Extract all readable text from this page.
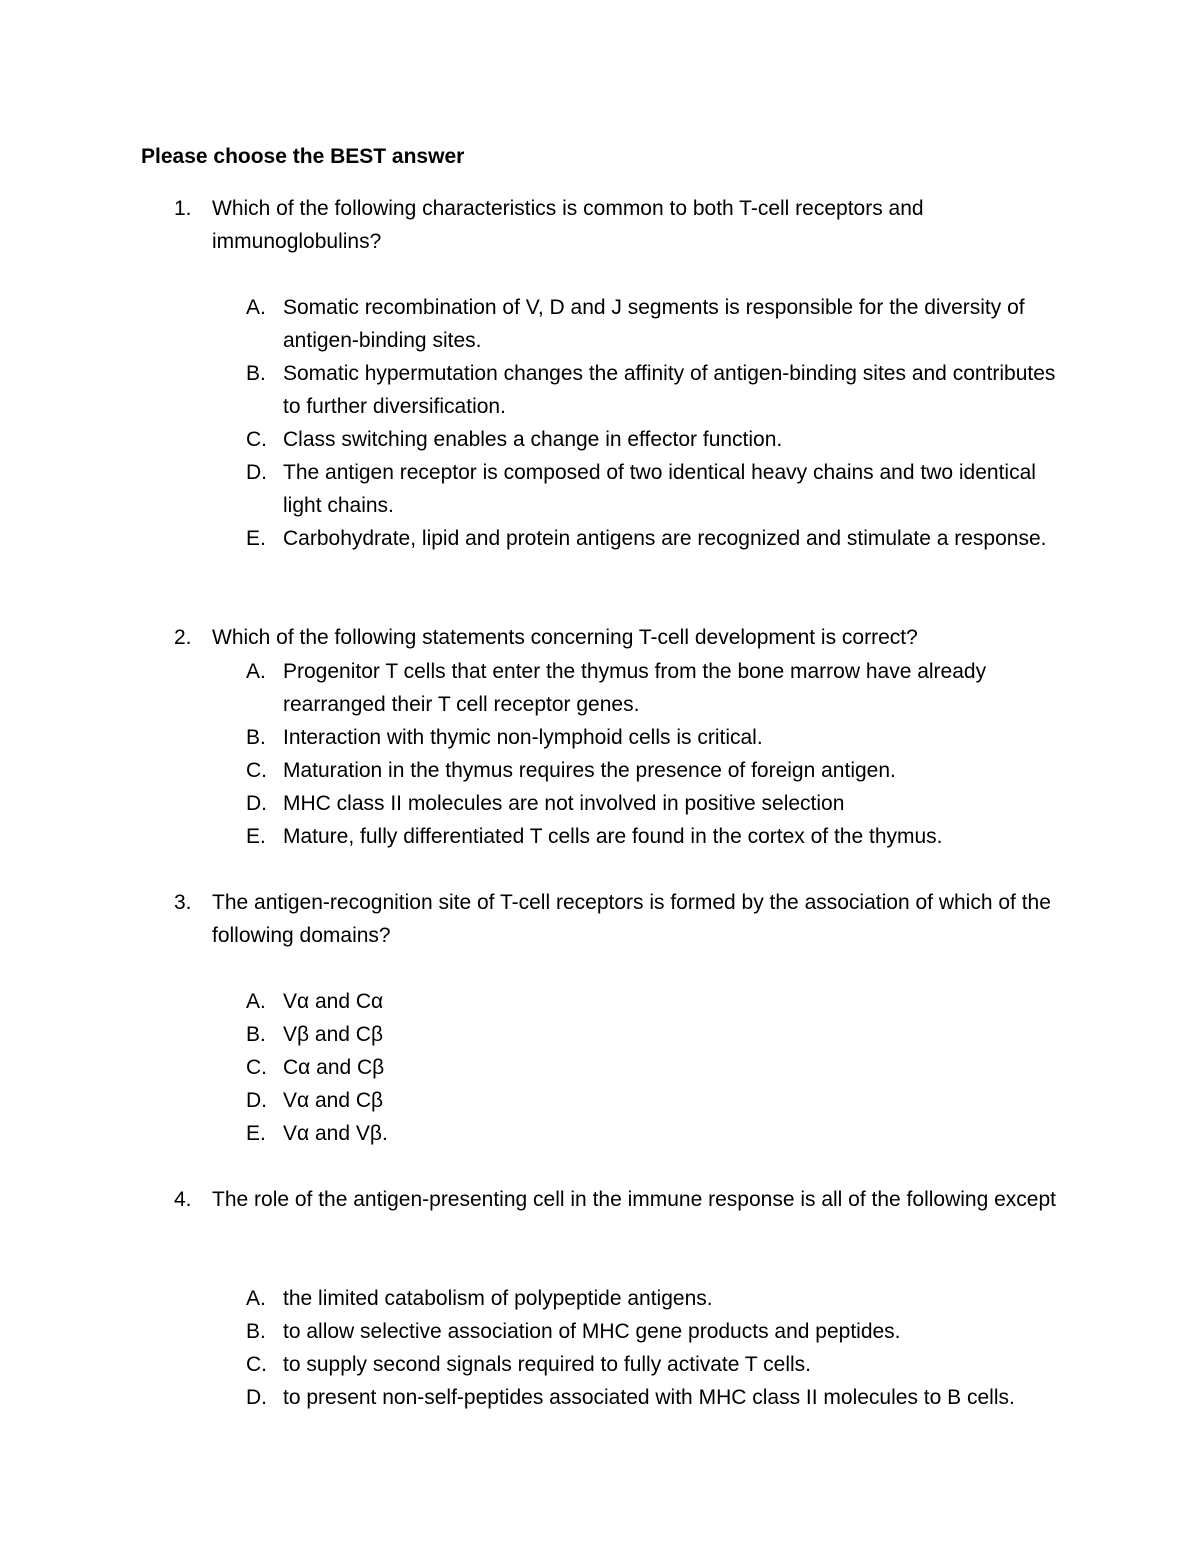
Please choose the BEST answer
1. Which of the following characteristics is common to both T-cell receptors and immunoglobulins?
A. Somatic recombination of V, D and J segments is responsible for the diversity of antigen-binding sites.
B. Somatic hypermutation changes the affinity of antigen-binding sites and contributes to further diversification.
C. Class switching enables a change in effector function.
D. The antigen receptor is composed of two identical heavy chains and two identical light chains.
E. Carbohydrate, lipid and protein antigens are recognized and stimulate a response.
2. Which of the following statements concerning T-cell development is correct?
A. Progenitor T cells that enter the thymus from the bone marrow have already rearranged their T cell receptor genes.
B. Interaction with thymic non-lymphoid cells is critical.
C. Maturation in the thymus requires the presence of foreign antigen.
D. MHC class II molecules are not involved in positive selection
E. Mature, fully differentiated T cells are found in the cortex of the thymus.
3. The antigen-recognition site of T-cell receptors is formed by the association of which of the following domains?
A. Vα and Cα
B. Vβ and Cβ
C. Cα and Cβ
D. Vα and Cβ
E. Vα and Vβ.
4. The role of the antigen-presenting cell in the immune response is all of the following except
A. the limited catabolism of polypeptide antigens.
B. to allow selective association of MHC gene products and peptides.
C. to supply second signals required to fully activate T cells.
D. to present non-self-peptides associated with MHC class II molecules to B cells.
